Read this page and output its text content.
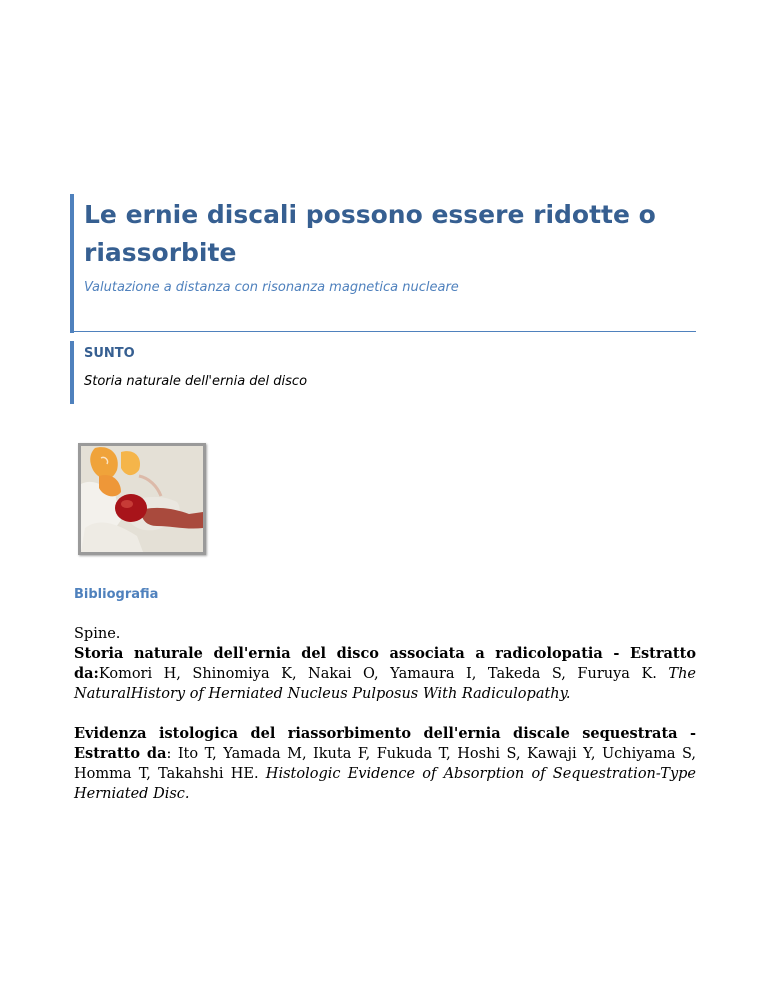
Le ernie discali possono essere ridotte o riassorbite

Valutazione a distanza con risonanza magnetica nucleare

SUNTO

Storia naturale dell'ernia del disco

Bibliografia

Spine.

Storia naturale dell'ernia del disco associata a radicolopatia - Estratto da:Komori H, Shinomiya K, Nakai O, Yamaura I, Takeda S, Furuya K. The NaturalHistory of Herniated Nucleus Pulposus With Radiculopathy.

Evidenza istologica del riassorbimento dell'ernia discale sequestrata - Estratto da: Ito T, Yamada M, Ikuta F, Fukuda T, Hoshi S, Kawaji Y, Uchiyama S, Homma T, Takahshi HE. Histologic Evidence of Absorption of Sequestration-Type Herniated Disc.
